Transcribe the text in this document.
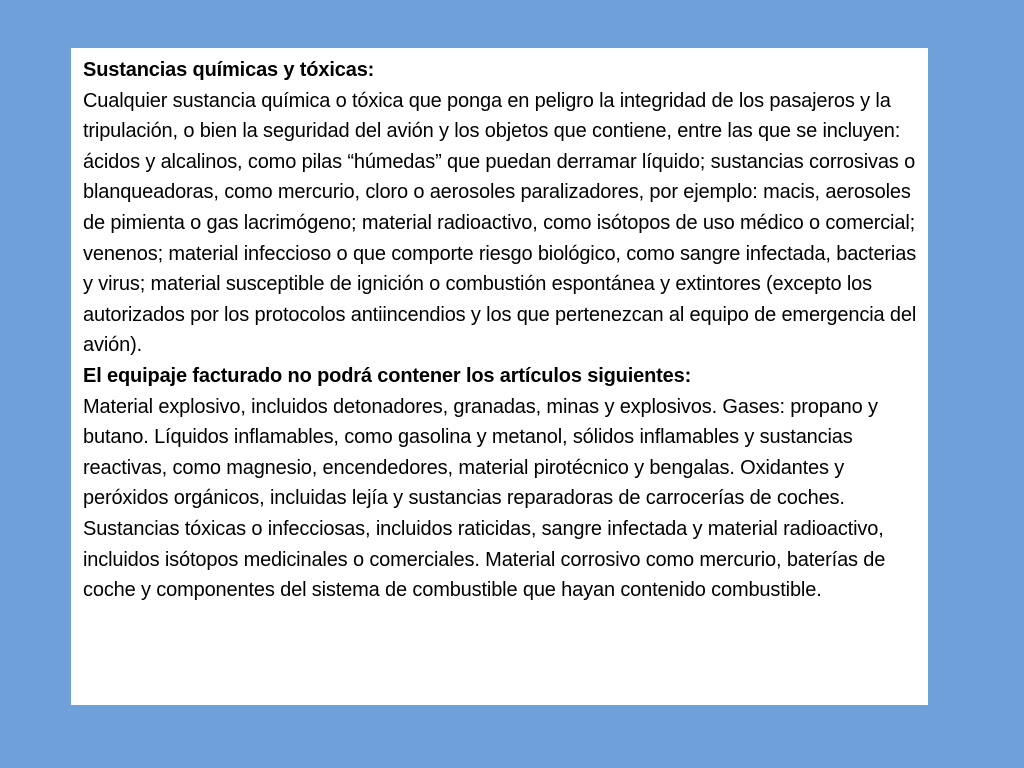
Sustancias químicas y tóxicas:

Cualquier sustancia química o tóxica que ponga en peligro la integridad de los pasajeros y la tripulación, o bien la seguridad del avión y los objetos que contiene, entre las que se incluyen: ácidos y alcalinos, como pilas “húmedas” que puedan derramar líquido; sustancias corrosivas o blanqueadoras, como mercurio, cloro o aerosoles paralizadores, por ejemplo: macis, aerosoles de pimienta o gas lacrimógeno; material radioactivo, como isótopos de uso médico o comercial; venenos; material infeccioso o que comporte riesgo biológico, como sangre infectada, bacterias y virus; material susceptible de ignición o combustión espontánea y extintores (excepto los autorizados por los protocolos antiincendios y los que pertenezcan al equipo de emergencia del avión).

El equipaje facturado no podrá contener los artículos siguientes:

Material explosivo, incluidos detonadores, granadas, minas y explosivos. Gases: propano y butano. Líquidos inflamables, como gasolina y metanol, sólidos inflamables y sustancias reactivas, como magnesio, encendedores, material pirotécnico y bengalas. Oxidantes y peróxidos orgánicos, incluidas lejía y sustancias reparadoras de carrocerías de coches. Sustancias tóxicas o infecciosas, incluidos raticidas, sangre infectada y material radioactivo, incluidos isótopos medicinales o comerciales. Material corrosivo como mercurio, baterías de coche y componentes del sistema de combustible que hayan contenido combustible.
